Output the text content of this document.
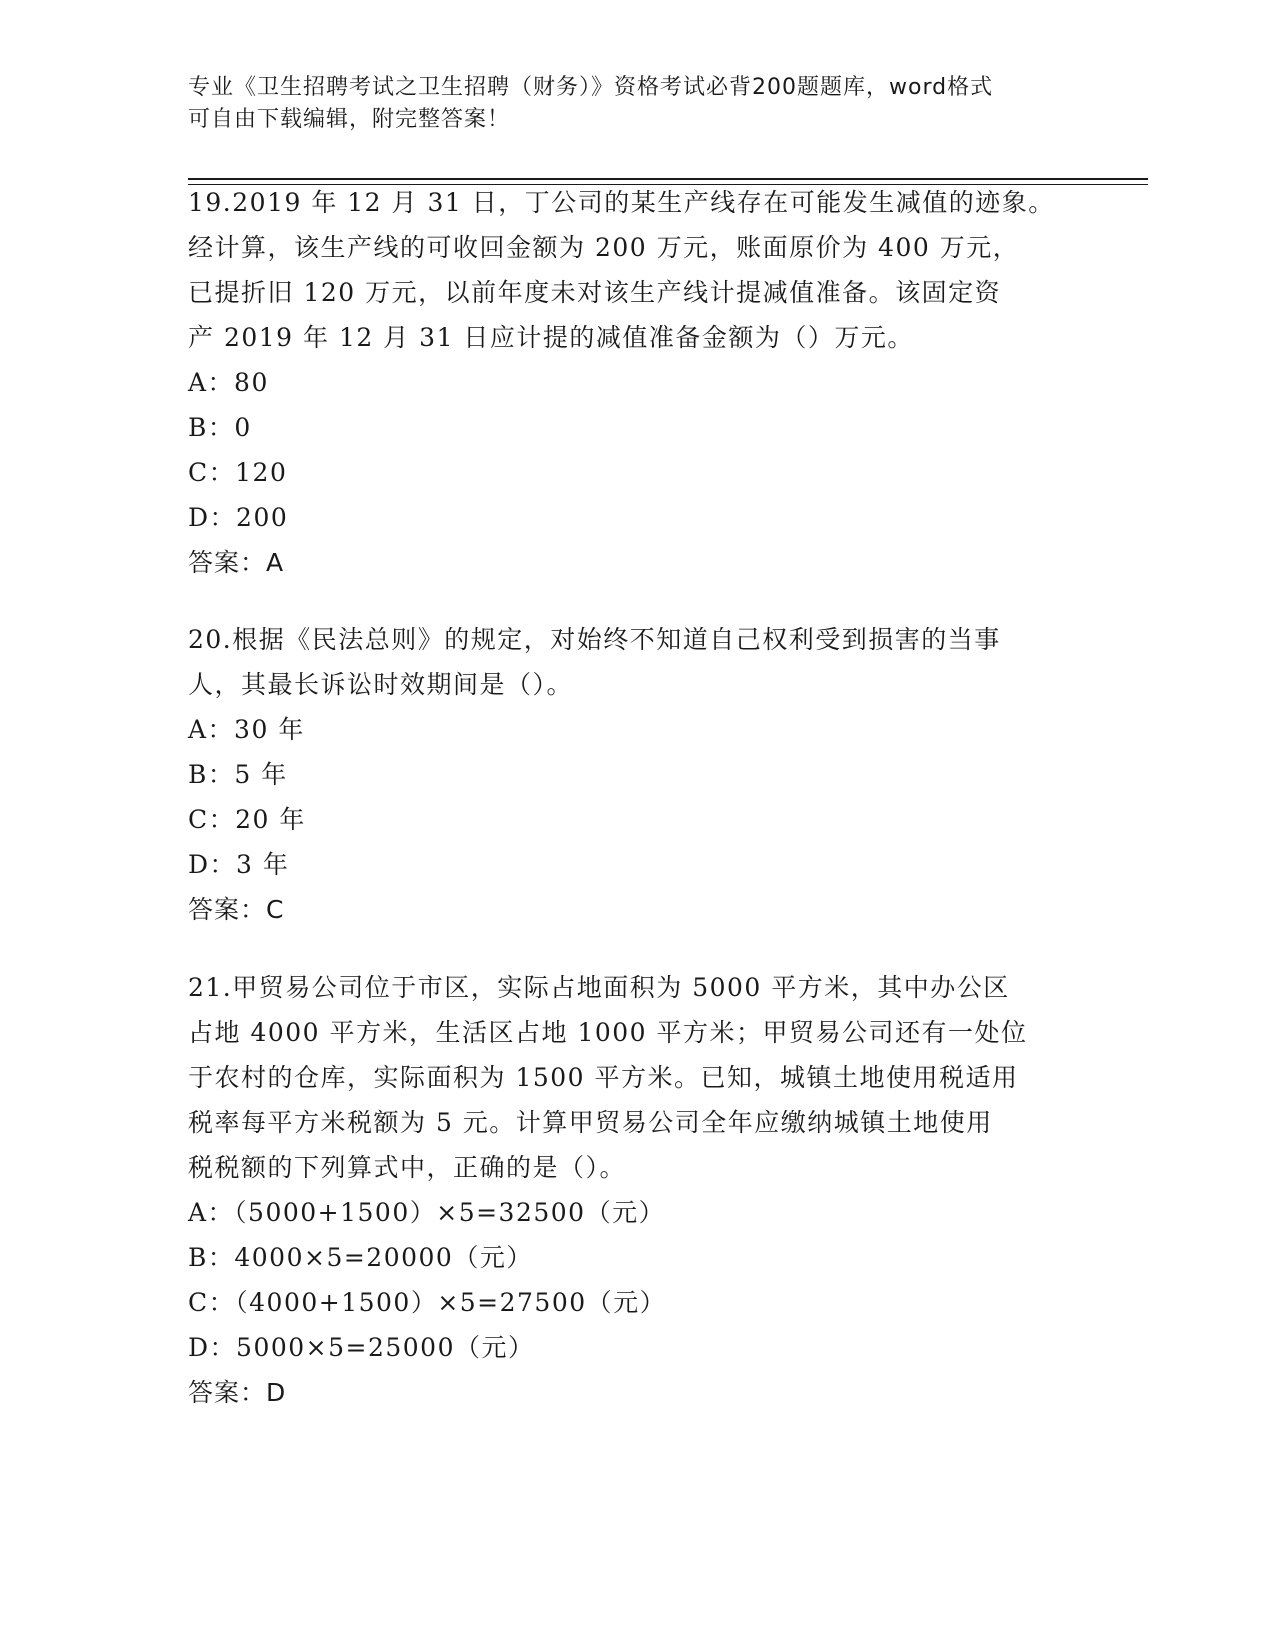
专业《卫生招聘考试之卫生招聘（财务）》资格考试必背200题题库，word格式
可自由下载编辑，附完整答案！
19.2019 年 12 月 31 日，丁公司的某生产线存在可能发生减值的迹象。
经计算，该生产线的可收回金额为 200 万元，账面原价为 400 万元，
已提折旧 120 万元，以前年度未对该生产线计提减值准备。该固定资
产 2019 年 12 月 31 日应计提的减值准备金额为（）万元。
A：80
B：0
C：120
D：200
答案：A
20.根据《民法总则》的规定，对始终不知道自己权利受到损害的当事
人，其最长诉讼时效期间是（）。
A：30 年
B：5 年
C：20 年
D：3 年
答案：C
21.甲贸易公司位于市区，实际占地面积为 5000 平方米，其中办公区
占地 4000 平方米，生活区占地 1000 平方米；甲贸易公司还有一处位
于农村的仓库，实际面积为 1500 平方米。已知，城镇土地使用税适用
税率每平方米税额为 5 元。计算甲贸易公司全年应缴纳城镇土地使用
税税额的下列算式中，正确的是（）。
A：（5000+1500）×5=32500（元）
B：4000×5=20000（元）
C：（4000+1500）×5=27500（元）
D：5000×5=25000（元）
答案：D
